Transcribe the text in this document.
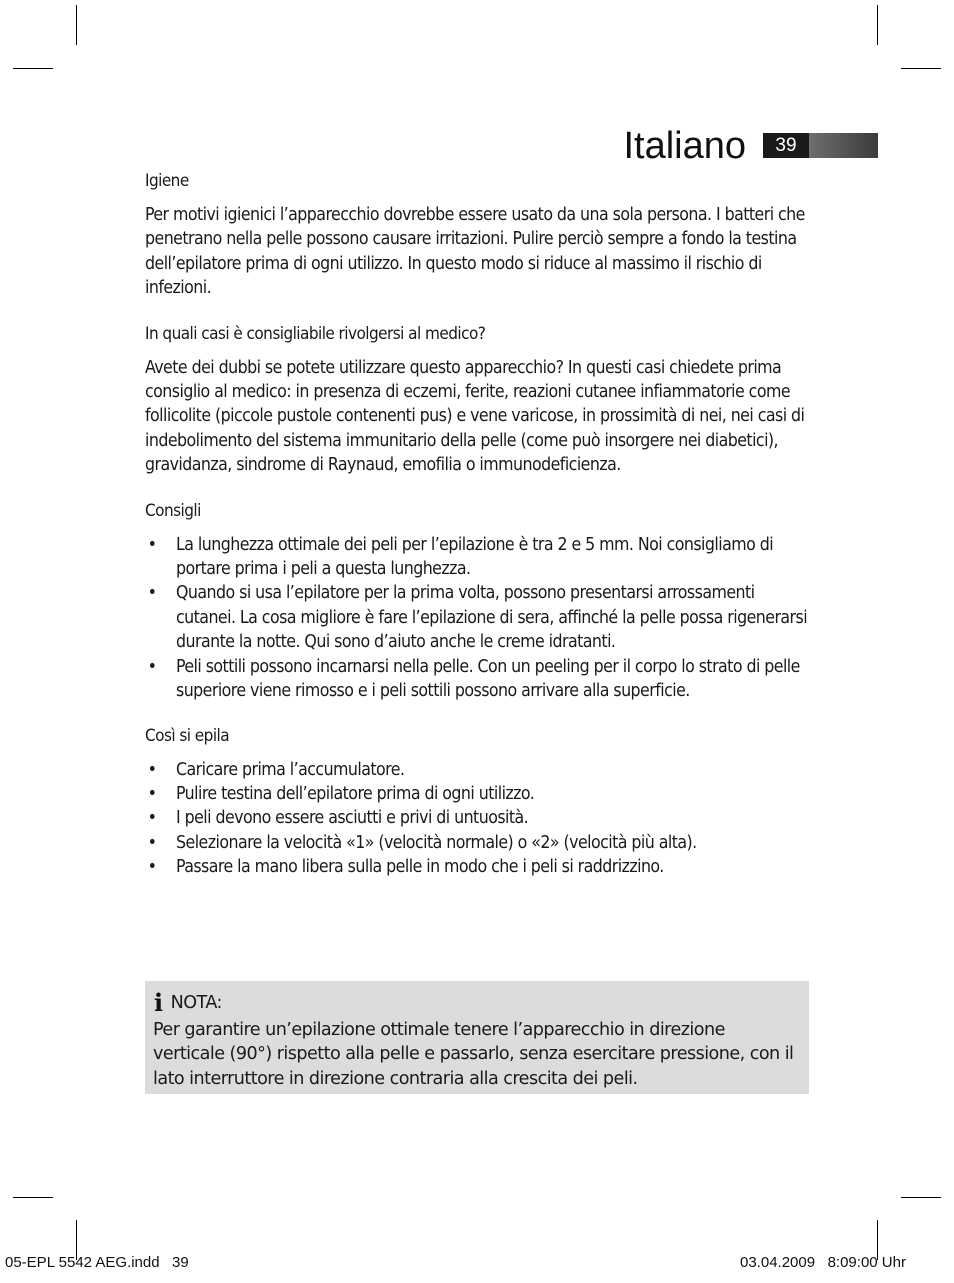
Italiano	39
Igiene

Per motivi igienici l’apparecchio dovrebbe essere usato da una sola persona. I batteri che penetrano nella pelle possono causare irritazioni. Pulire perciò sempre a fondo la testina dell’epilatore prima di ogni utilizzo. In questo modo si riduce al massimo il rischio di infezioni.

In quali casi è consigliabile rivolgersi al medico?

Avete dei dubbi se potete utilizzare questo apparecchio? In questi casi chiedete prima consiglio al medico: in presenza di eczemi, ferite, reazioni cutanee infiammatorie come follicolite (piccole pustole contenenti pus) e vene varicose, in prossimità di nei, nei casi di indebolimento del sistema immunitario della pelle (come può insorgere nei diabetici), gravidanza, sindrome di Raynaud, emofilia o immunodeficienza.

Consigli
• La lunghezza ottimale dei peli per l’epilazione è tra 2 e 5 mm. Noi consigliamo di portare prima i peli a questa lunghezza.
• Quando si usa l’epilatore per la prima volta, possono presentarsi arrossamenti cutanei. La cosa migliore è fare l’epilazione di sera, affinché la pelle possa rigenerarsi durante la notte. Qui sono d’aiuto anche le creme idratanti.
• Peli sottili possono incarnarsi nella pelle. Con un peeling per il corpo lo strato di pelle superiore viene rimosso e i peli sottili possono arrivare alla superficie.
Così si epila
• Caricare prima l’accumulatore.
• Pulire testina dell’epilatore prima di ogni utilizzo.
• I peli devono essere asciutti e privi di untuosità.
• Selezionare la velocità «1» (velocità normale) o «2» (velocità più alta).
• Passare la mano libera sulla pelle in modo che i peli si raddrizzino.
i NOTA:
Per garantire un’epilazione ottimale tenere l’apparecchio in direzione verticale (90°) rispetto alla pelle e passarlo, senza esercitare pressione, con il lato interruttore in direzione contraria alla crescita dei peli.
05-EPL 5542 AEG.indd   39	03.04.2009   8:09:00 Uhr
